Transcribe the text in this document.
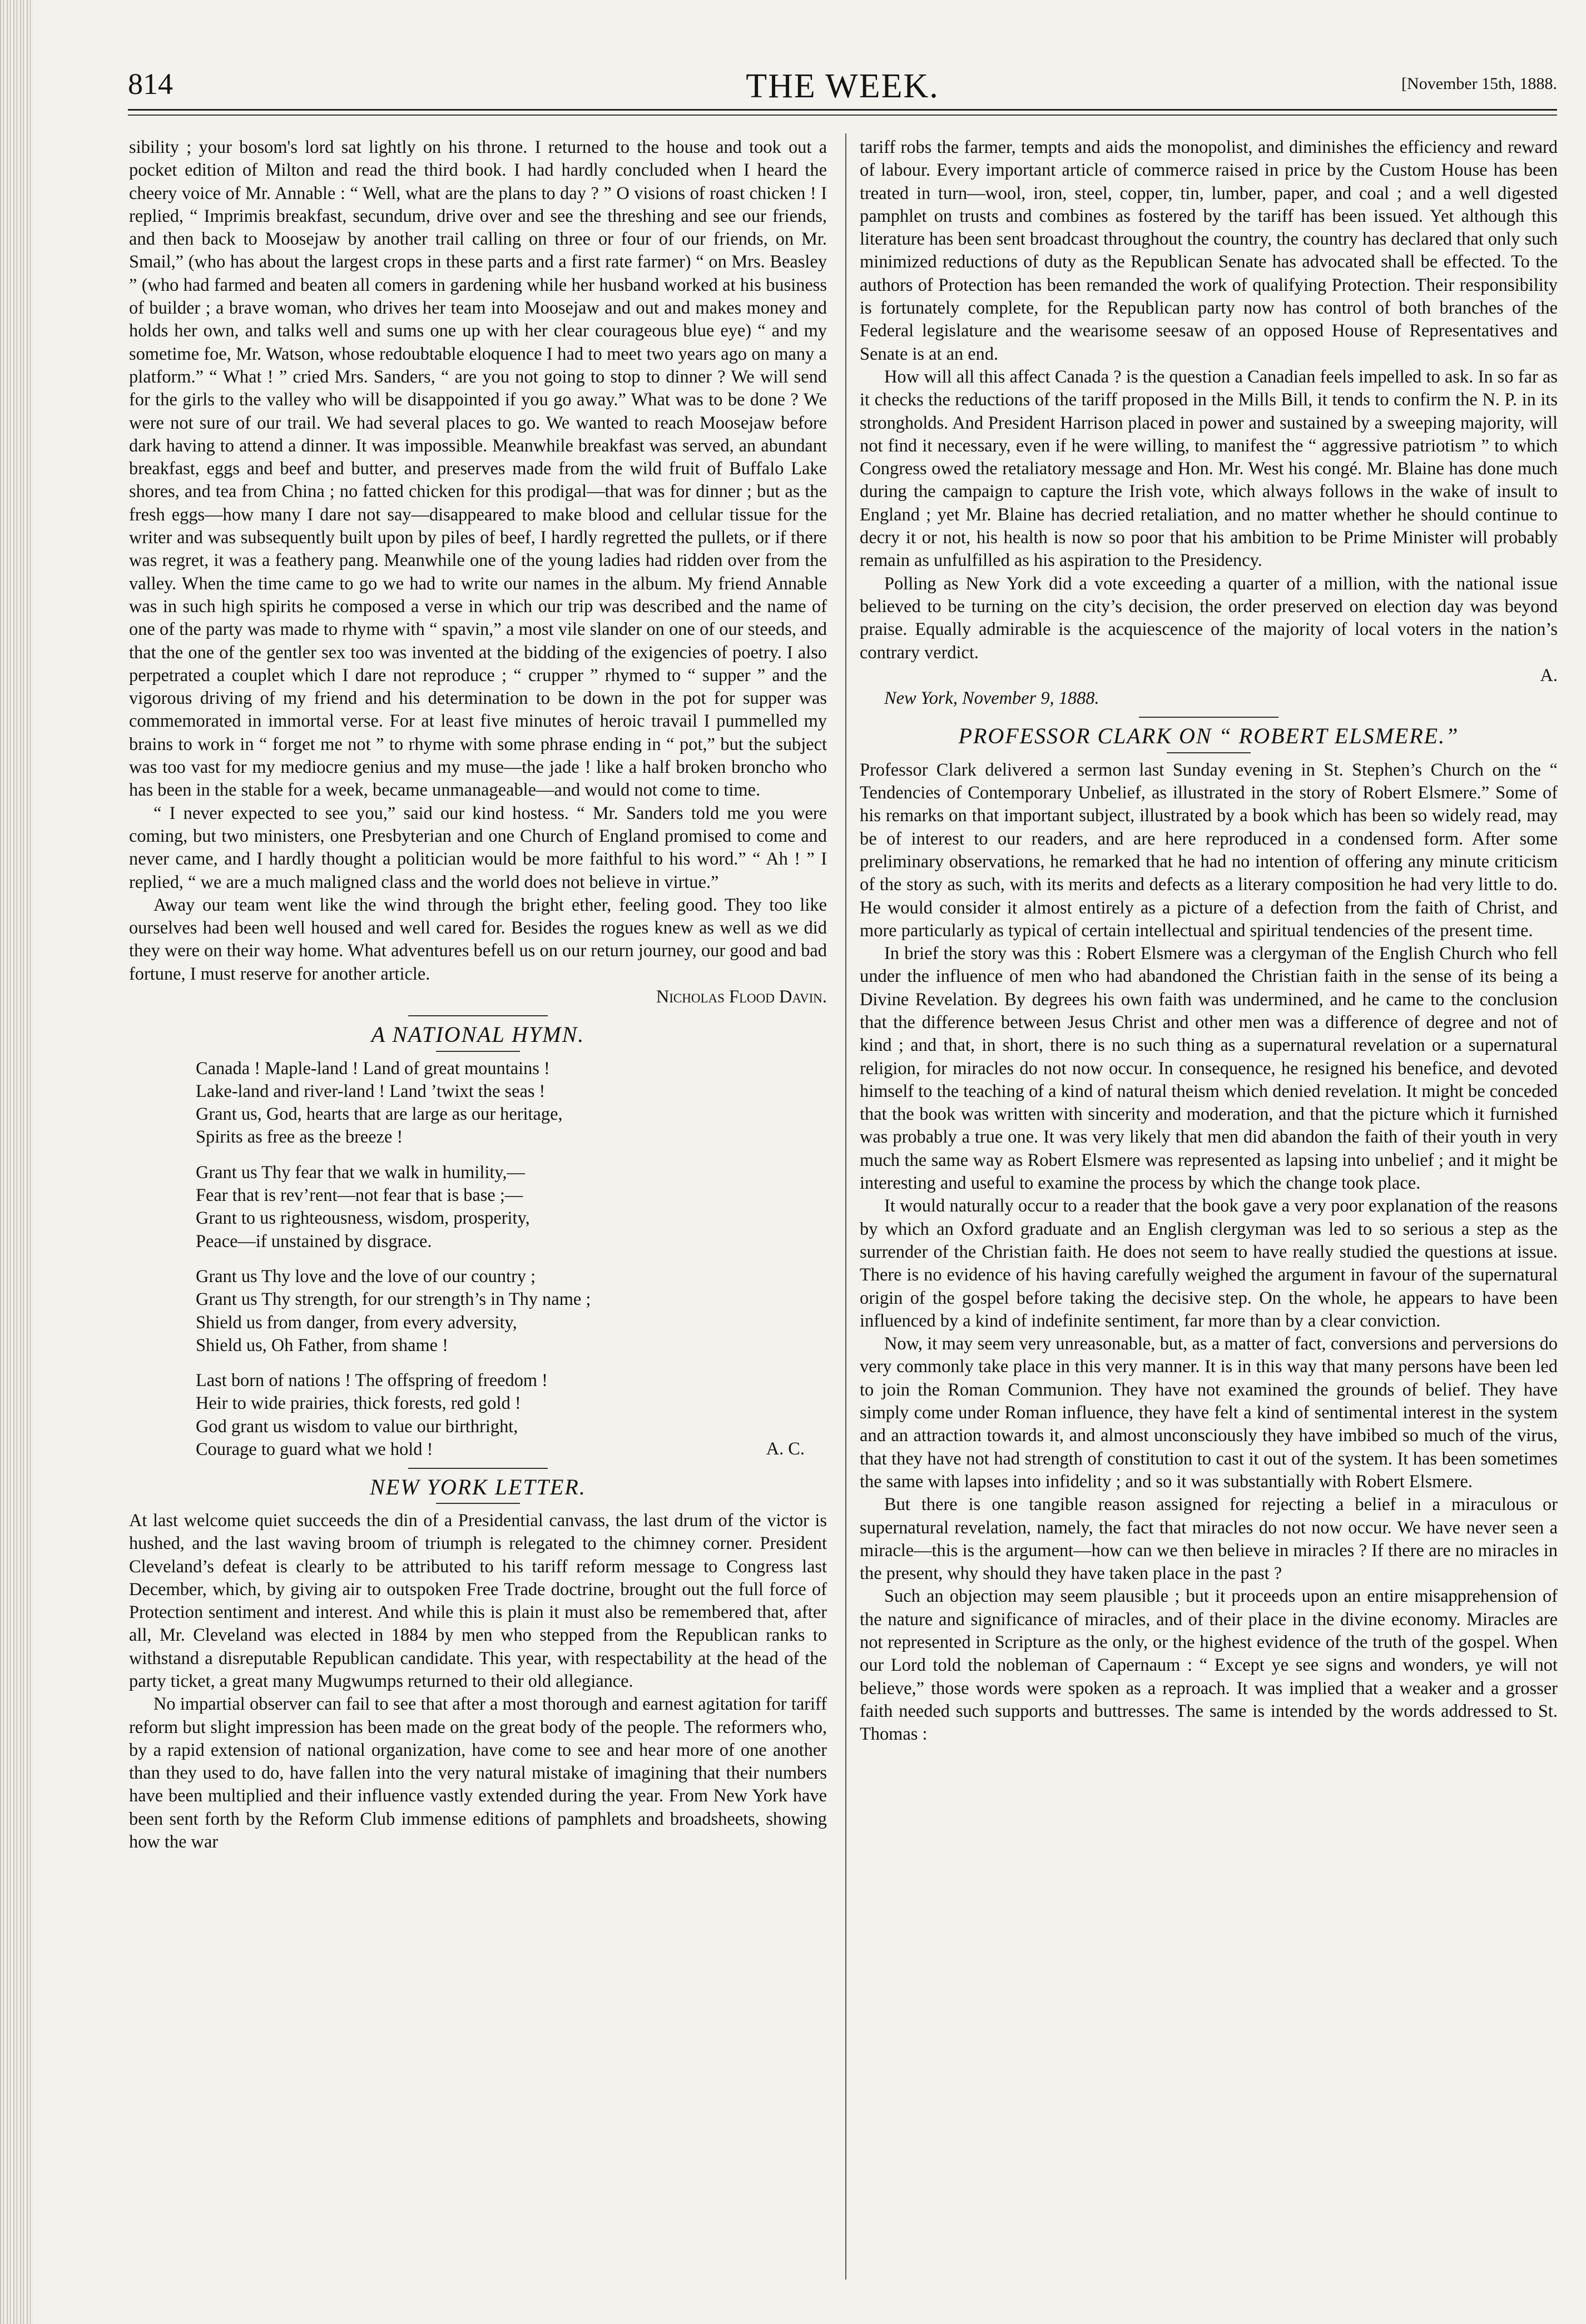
814	THE WEEK.	[November 15th, 1888.

sibility ; your bosom's lord sat lightly on his throne. I returned to the house and took out a pocket edition of Milton and read the third book. I had hardly concluded when I heard the cheery voice of Mr. Annable : “ Well, what are the plans to day ? ” O visions of roast chicken ! I replied, “ Imprimis breakfast, secundum, drive over and see the threshing and see our friends, and then back to Moosejaw by another trail calling on three or four of our friends, on Mr. Smail,” (who has about the largest crops in these parts and a first rate farmer) “ on Mrs. Beasley ” (who had farmed and beaten all comers in gardening while her husband worked at his business of builder ; a brave woman, who drives her team into Moosejaw and out and makes money and holds her own, and talks well and sums one up with her clear courageous blue eye) “ and my sometime foe, Mr. Watson, whose redoubtable eloquence I had to meet two years ago on many a platform.” “ What ! ” cried Mrs. Sanders, “ are you not going to stop to dinner ? We will send for the girls to the valley who will be disappointed if you go away.” What was to be done ? We were not sure of our trail. We had several places to go. We wanted to reach Moosejaw before dark having to attend a dinner. It was impossible. Meanwhile breakfast was served, an abundant breakfast, eggs and beef and butter, and preserves made from the wild fruit of Buffalo Lake shores, and tea from China ; no fatted chicken for this prodigal—that was for dinner ; but as the fresh eggs—how many I dare not say—disappeared to make blood and cellular tissue for the writer and was subsequently built upon by piles of beef, I hardly regretted the pullets, or if there was regret, it was a feathery pang. Meanwhile one of the young ladies had ridden over from the valley. When the time came to go we had to write our names in the album. My friend Annable was in such high spirits he composed a verse in which our trip was described and the name of one of the party was made to rhyme with “ spavin,” a most vile slander on one of our steeds, and that the one of the gentler sex too was invented at the bidding of the exigencies of poetry. I also perpetrated a couplet which I dare not reproduce ; “ crupper ” rhymed to “ supper ” and the vigorous driving of my friend and his determination to be down in the pot for supper was commemorated in immortal verse. For at least five minutes of heroic travail I pummelled my brains to work in “ forget me not ” to rhyme with some phrase ending in “ pot,” but the subject was too vast for my mediocre genius and my muse—the jade ! like a half broken broncho who has been in the stable for a week, became unmanageable—and would not come to time.

“ I never expected to see you,” said our kind hostess. “ Mr. Sanders told me you were coming, but two ministers, one Presbyterian and one Church of England promised to come and never came, and I hardly thought a politician would be more faithful to his word.” “ Ah ! ” I replied, “ we are a much maligned class and the world does not believe in virtue.”

Away our team went like the wind through the bright ether, feeling good. They too like ourselves had been well housed and well cared for. Besides the rogues knew as well as we did they were on their way home. What adventures befell us on our return journey, our good and bad fortune, I must reserve for another article.

Nicholas Flood Davin.
A NATIONAL HYMN.
Canada ! Maple-land ! Land of great mountains !
Lake-land and river-land ! Land ’twixt the seas !
Grant us, God, hearts that are large as our heritage,
Spirits as free as the breeze !
Grant us Thy fear that we walk in humility,—
Fear that is rev’rent—not fear that is base ;—
Grant to us righteousness, wisdom, prosperity,
Peace—if unstained by disgrace.
Grant us Thy love and the love of our country ;
Grant us Thy strength, for our strength’s in Thy name ;
Shield us from danger, from every adversity,
Shield us, Oh Father, from shame !
Last born of nations ! The offspring of freedom !
Heir to wide prairies, thick forests, red gold !
God grant us wisdom to value our birthright,
Courage to guard what we hold !	A. C.
NEW YORK LETTER.

At last welcome quiet succeeds the din of a Presidential canvass, the last drum of the victor is hushed, and the last waving broom of triumph is relegated to the chimney corner. President Cleveland’s defeat is clearly to be attributed to his tariff reform message to Congress last December, which, by giving air to outspoken Free Trade doctrine, brought out the full force of Protection sentiment and interest. And while this is plain it must also be remembered that, after all, Mr. Cleveland was elected in 1884 by men who stepped from the Republican ranks to withstand a disreputable Republican candidate. This year, with respectability at the head of the party ticket, a great many Mugwumps returned to their old allegiance.

No impartial observer can fail to see that after a most thorough and earnest agitation for tariff reform but slight impression has been made on the great body of the people. The reformers who, by a rapid extension of national organization, have come to see and hear more of one another than they used to do, have fallen into the very natural mistake of imagining that their numbers have been multiplied and their influence vastly extended during the year. From New York have been sent forth by the Reform Club immense editions of pamphlets and broadsheets, showing how the war

tariff robs the farmer, tempts and aids the monopolist, and diminishes the efficiency and reward of labour. Every important article of commerce raised in price by the Custom House has been treated in turn—wool, iron, steel, copper, tin, lumber, paper, and coal ; and a well digested pamphlet on trusts and combines as fostered by the tariff has been issued. Yet although this literature has been sent broadcast throughout the country, the country has declared that only such minimized reductions of duty as the Republican Senate has advocated shall be effected. To the authors of Protection has been remanded the work of qualifying Protection. Their responsibility is fortunately complete, for the Republican party now has control of both branches of the Federal legislature and the wearisome seesaw of an opposed House of Representatives and Senate is at an end.

How will all this affect Canada ? is the question a Canadian feels impelled to ask. In so far as it checks the reductions of the tariff proposed in the Mills Bill, it tends to confirm the N. P. in its strongholds. And President Harrison placed in power and sustained by a sweeping majority, will not find it necessary, even if he were willing, to manifest the “ aggressive patriotism ” to which Congress owed the retaliatory message and Hon. Mr. West his congé. Mr. Blaine has done much during the campaign to capture the Irish vote, which always follows in the wake of insult to England ; yet Mr. Blaine has decried retaliation, and no matter whether he should continue to decry it or not, his health is now so poor that his ambition to be Prime Minister will probably remain as unfulfilled as his aspiration to the Presidency.

Polling as New York did a vote exceeding a quarter of a million, with the national issue believed to be turning on the city’s decision, the order preserved on election day was beyond praise. Equally admirable is the acquiescence of the majority of local voters in the nation’s contrary verdict.

A.

New York, November 9, 1888.

PROFESSOR CLARK ON “ ROBERT ELSMERE.”

Professor Clark delivered a sermon last Sunday evening in St. Stephen’s Church on the “ Tendencies of Contemporary Unbelief, as illustrated in the story of Robert Elsmere.” Some of his remarks on that important subject, illustrated by a book which has been so widely read, may be of interest to our readers, and are here reproduced in a condensed form. After some preliminary observations, he remarked that he had no intention of offering any minute criticism of the story as such, with its merits and defects as a literary composition he had very little to do. He would consider it almost entirely as a picture of a defection from the faith of Christ, and more particularly as typical of certain intellectual and spiritual tendencies of the present time.

In brief the story was this : Robert Elsmere was a clergyman of the English Church who fell under the influence of men who had abandoned the Christian faith in the sense of its being a Divine Revelation. By degrees his own faith was undermined, and he came to the conclusion that the difference between Jesus Christ and other men was a difference of degree and not of kind ; and that, in short, there is no such thing as a supernatural revelation or a supernatural religion, for miracles do not now occur. In consequence, he resigned his benefice, and devoted himself to the teaching of a kind of natural theism which denied revelation. It might be conceded that the book was written with sincerity and moderation, and that the picture which it furnished was probably a true one. It was very likely that men did abandon the faith of their youth in very much the same way as Robert Elsmere was represented as lapsing into unbelief ; and it might be interesting and useful to examine the process by which the change took place.

It would naturally occur to a reader that the book gave a very poor explanation of the reasons by which an Oxford graduate and an English clergyman was led to so serious a step as the surrender of the Christian faith. He does not seem to have really studied the questions at issue. There is no evidence of his having carefully weighed the argument in favour of the supernatural origin of the gospel before taking the decisive step. On the whole, he appears to have been influenced by a kind of indefinite sentiment, far more than by a clear conviction.

Now, it may seem very unreasonable, but, as a matter of fact, conversions and perversions do very commonly take place in this very manner. It is in this way that many persons have been led to join the Roman Communion. They have not examined the grounds of belief. They have simply come under Roman influence, they have felt a kind of sentimental interest in the system and an attraction towards it, and almost unconsciously they have imbibed so much of the virus, that they have not had strength of constitution to cast it out of the system. It has been sometimes the same with lapses into infidelity ; and so it was substantially with Robert Elsmere.

But there is one tangible reason assigned for rejecting a belief in a miraculous or supernatural revelation, namely, the fact that miracles do not now occur. We have never seen a miracle—this is the argument—how can we then believe in miracles ? If there are no miracles in the present, why should they have taken place in the past ?

Such an objection may seem plausible ; but it proceeds upon an entire misapprehension of the nature and significance of miracles, and of their place in the divine economy. Miracles are not represented in Scripture as the only, or the highest evidence of the truth of the gospel. When our Lord told the nobleman of Capernaum : “ Except ye see signs and wonders, ye will not believe,” those words were spoken as a reproach. It was implied that a weaker and a grosser faith needed such supports and buttresses. The same is intended by the words addressed to St. Thomas :
